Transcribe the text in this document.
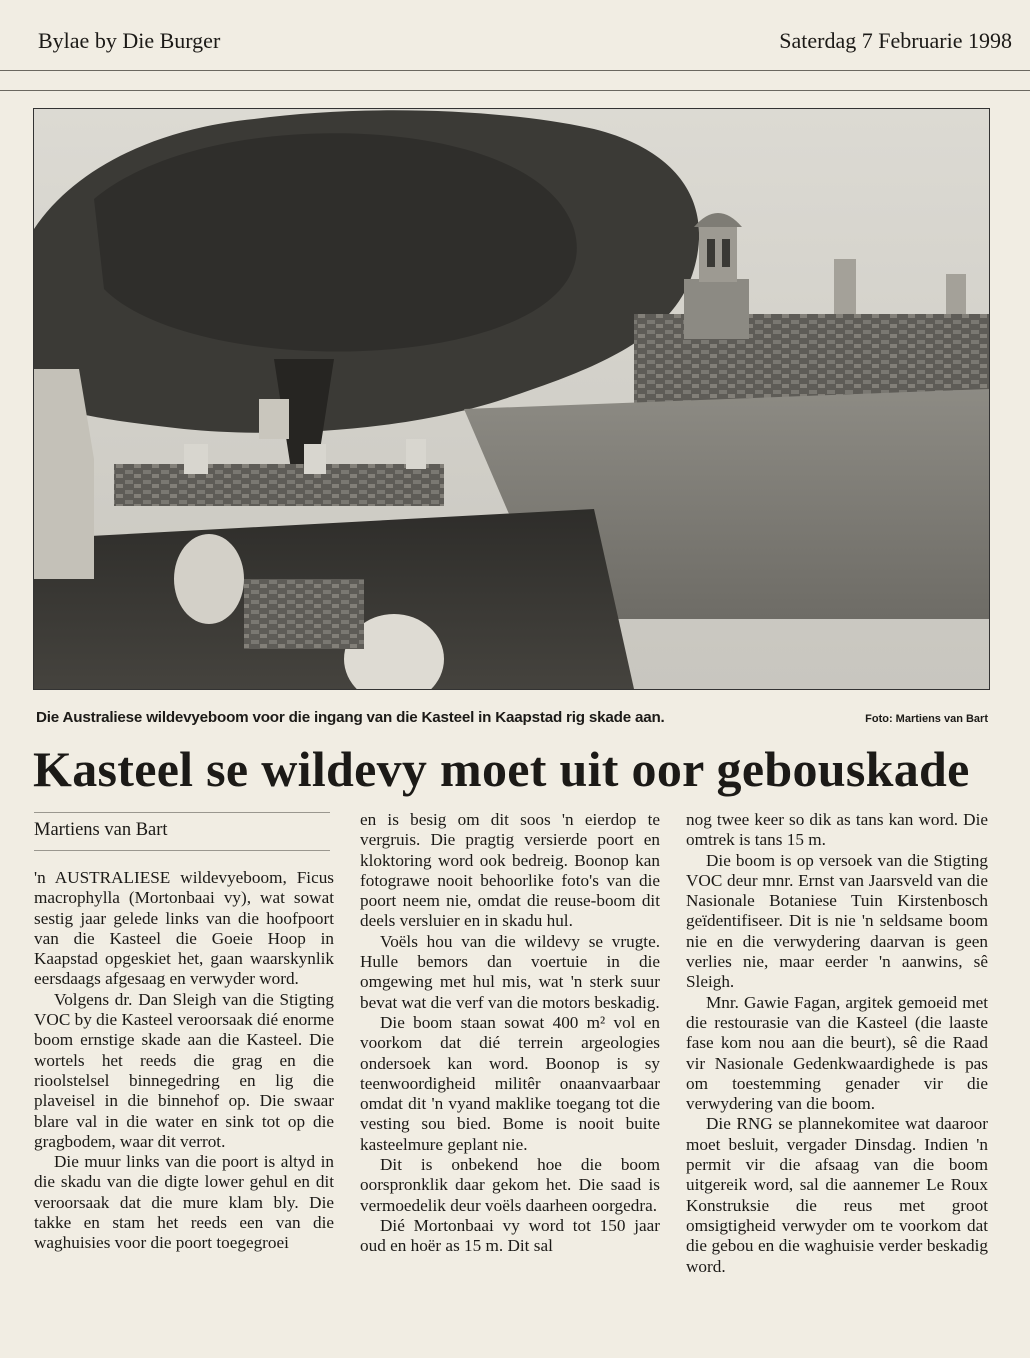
Bylae by Die Burger	Saterdag 7 Februarie 1998
Die Australiese wildevyeboom voor die ingang van die Kasteel in Kaapstad rig skade aan.	Foto: Martiens van Bart
Kasteel se wildevy moet uit oor gebouskade
Martiens van Bart

'n AUSTRALIESE wildevyeboom, Ficus macrophylla (Mortonbaai vy), wat sowat sestig jaar gelede links van die hoofpoort van die Kasteel die Goeie Hoop in Kaapstad opgeskiet het, gaan waarskynlik eersdaags afgesaag en verwyder word.

Volgens dr. Dan Sleigh van die Stigting VOC by die Kasteel veroorsaak dié enorme boom ernstige skade aan die Kasteel. Die wortels het reeds die grag en die rioolstelsel binnegedring en lig die plaveisel in die binnehof op. Die swaar blare val in die water en sink tot op die gragbodem, waar dit verrot.

Die muur links van die poort is altyd in die skadu van die digte lower gehul en dit veroorsaak dat die mure klam bly. Die takke en stam het reeds een van die waghuisies voor die poort toegegroei

en is besig om dit soos 'n eierdop te vergruis. Die pragtig versierde poort en kloktoring word ook bedreig. Boonop kan fotograwe nooit behoorlike foto's van die poort neem nie, omdat die reuse-boom dit deels versluier en in skadu hul.

Voëls hou van die wildevy se vrugte. Hulle bemors dan voertuie in die omgewing met hul mis, wat 'n sterk suur bevat wat die verf van die motors beskadig.

Die boom staan sowat 400 m² vol en voorkom dat dié terrein argeologies ondersoek kan word. Boonop is sy teenwoordigheid militêr onaanvaarbaar omdat dit 'n vyand maklike toegang tot die vesting sou bied. Bome is nooit buite kasteelmure geplant nie.

Dit is onbekend hoe die boom oorspronklik daar gekom het. Die saad is vermoedelik deur voëls daarheen oorgedra.

Dié Mortonbaai vy word tot 150 jaar oud en hoër as 15 m. Dit sal

nog twee keer so dik as tans kan word. Die omtrek is tans 15 m.

Die boom is op versoek van die Stigting VOC deur mnr. Ernst van Jaarsveld van die Nasionale Botaniese Tuin Kirstenbosch geïdentifiseer. Dit is nie 'n seldsame boom nie en die verwydering daarvan is geen verlies nie, maar eerder 'n aanwins, sê Sleigh.

Mnr. Gawie Fagan, argitek gemoeid met die restourasie van die Kasteel (die laaste fase kom nou aan die beurt), sê die Raad vir Nasionale Gedenkwaardighede is pas om toestemming genader vir die verwydering van die boom.

Die RNG se plannekomitee wat daaroor moet besluit, vergader Dinsdag. Indien 'n permit vir die afsaag van die boom uitgereik word, sal die aannemer Le Roux Konstruksie die reus met groot omsigtigheid verwyder om te voorkom dat die gebou en die waghuisie verder beskadig word.
